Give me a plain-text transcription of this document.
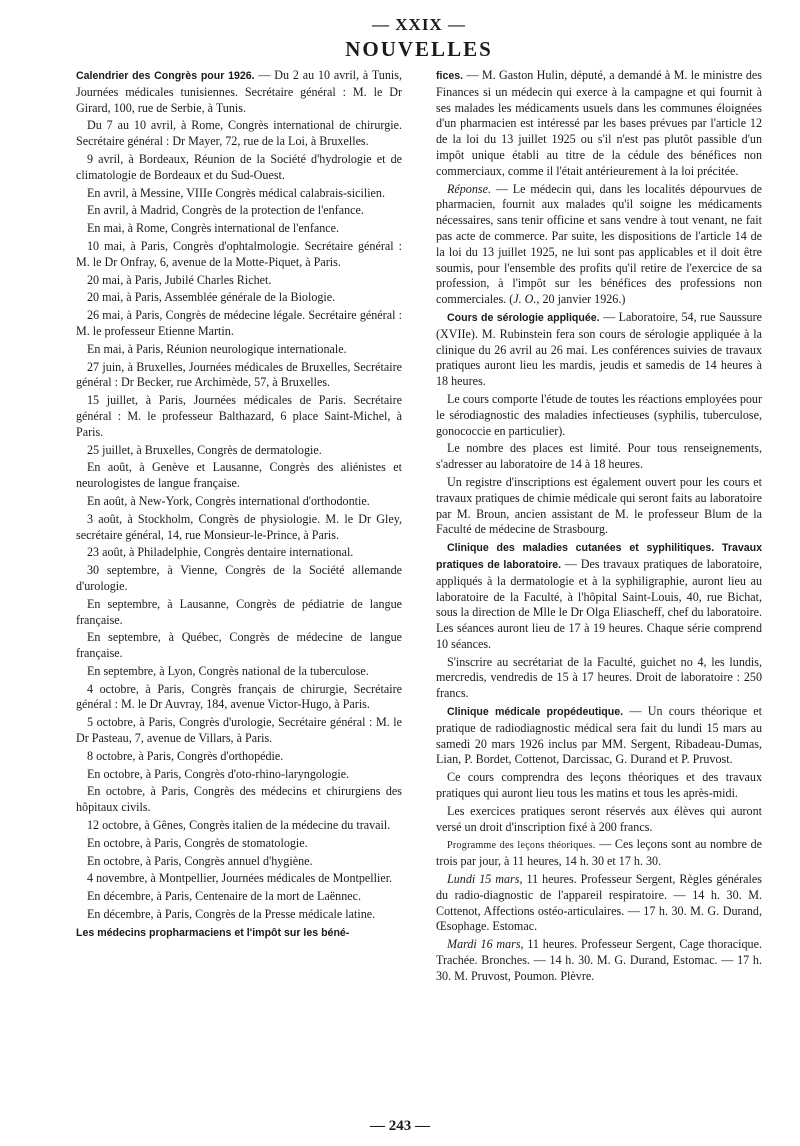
— XXIX —
NOUVELLES

Calendrier des Congrès pour 1926. — Du 2 au 10 avril, à Tunis, Journées médicales tunisiennes. Secrétaire général : M. le Dr Girard, 100, rue de Serbie, à Tunis.

Du 7 au 10 avril, à Rome, Congrès international de chirurgie. Secrétaire général : Dr Mayer, 72, rue de la Loi, à Bruxelles.

9 avril, à Bordeaux, Réunion de la Société d'hydrologie et de climatologie de Bordeaux et du Sud-Ouest.

En avril, à Messine, VIIIe Congrès médical calabrais-sicilien.

En avril, à Madrid, Congrès de la protection de l'enfance.

En mai, à Rome, Congrès international de l'enfance.

10 mai, à Paris, Congrès d'ophtalmologie. Secrétaire général : M. le Dr Onfray, 6, avenue de la Motte-Piquet, à Paris.

20 mai, à Paris, Jubilé Charles Richet.

20 mai, à Paris, Assemblée générale de la Biologie.

26 mai, à Paris, Congrès de médecine légale. Secrétaire général : M. le professeur Etienne Martin.

En mai, à Paris, Réunion neurologique internationale.

27 juin, à Bruxelles, Journées médicales de Bruxelles, Secrétaire général : Dr Becker, rue Archimède, 57, à Bruxelles.

15 juillet, à Paris, Journées médicales de Paris. Secrétaire général : M. le professeur Balthazard, 6 place Saint-Michel, à Paris.

25 juillet, à Bruxelles, Congrès de dermatologie.

En août, à Genève et Lausanne, Congrès des aliénistes et neurologistes de langue française.

En août, à New-York, Congrès international d'orthodontie.

3 août, à Stockholm, Congrès de physiologie. M. le Dr Gley, secrétaire général, 14, rue Monsieur-le-Prince, à Paris.

23 août, à Philadelphie, Congrès dentaire international.

30 septembre, à Vienne, Congrès de la Société allemande d'urologie.

En septembre, à Lausanne, Congrès de pédiatrie de langue française.

En septembre, à Québec, Congrès de médecine de langue française.

En septembre, à Lyon, Congrès national de la tuberculose.

4 octobre, à Paris, Congrès français de chirurgie, Secrétaire général : M. le Dr Auvray, 184, avenue Victor-Hugo, à Paris.

5 octobre, à Paris, Congrès d'urologie, Secrétaire général : M. le Dr Pasteau, 7, avenue de Villars, à Paris.

8 octobre, à Paris, Congrès d'orthopédie.

En octobre, à Paris, Congrès d'oto-rhino-laryngologie.

En octobre, à Paris, Congrès des médecins et chirurgiens des hôpitaux civils.

12 octobre, à Gênes, Congrès italien de la médecine du travail.

En octobre, à Paris, Congrès de stomatologie.

En octobre, à Paris, Congrès annuel d'hygiène.

4 novembre, à Montpellier, Journées médicales de Montpellier.

En décembre, à Paris, Centenaire de la mort de Laënnec.

En décembre, à Paris, Congrès de la Presse médicale latine.

Les médecins propharmaciens et l'impôt sur les béné-

fices. — M. Gaston Hulin, député, a demandé à M. le ministre des Finances si un médecin qui exerce à la campagne et qui fournit à ses malades les médicaments usuels dans les communes éloignées d'un pharmacien est intéressé par les bases prévues par l'article 12 de la loi du 13 juillet 1925 ou s'il n'est pas plutôt passible d'un impôt unique établi au titre de la cédule des bénéfices non commerciaux, comme il l'était antérieurement à la loi précitée.

Réponse. — Le médecin qui, dans les localités dépourvues de pharmacien, fournit aux malades qu'il soigne les médicaments nécessaires, sans tenir officine et sans vendre à tout venant, ne fait pas acte de commerce. Par suite, les dispositions de l'article 14 de la loi du 13 juillet 1925, ne lui sont pas applicables et il doit être soumis, pour l'ensemble des profits qu'il retire de l'exercice de sa profession, à l'impôt sur les bénéfices des professions non commerciales. (J. O., 20 janvier 1926.)

Cours de sérologie appliquée. — Laboratoire, 54, rue Saussure (XVIIe). M. Rubinstein fera son cours de sérologie appliquée à la clinique du 26 avril au 26 mai. Les conférences suivies de travaux pratiques auront lieu les mardis, jeudis et samedis de 14 heures à 18 heures.

Le cours comporte l'étude de toutes les réactions employées pour le sérodiagnostic des maladies infectieuses (syphilis, tuberculose, gonococcie en particulier).

Le nombre des places est limité. Pour tous renseignements, s'adresser au laboratoire de 14 à 18 heures.

Un registre d'inscriptions est également ouvert pour les cours et travaux pratiques de chimie médicale qui seront faits au laboratoire par M. Broun, ancien assistant de M. le professeur Blum de la Faculté de médecine de Strasbourg.

Clinique des maladies cutanées et syphilitiques. Travaux pratiques de laboratoire. — Des travaux pratiques de laboratoire, appliqués à la dermatologie et à la syphiligraphie, auront lieu au laboratoire de la Faculté, à l'hôpital Saint-Louis, 40, rue Bichat, sous la direction de Mlle le Dr Olga Eliascheff, chef du laboratoire. Les séances auront lieu de 17 à 19 heures. Chaque série comprend 10 séances.

S'inscrire au secrétariat de la Faculté, guichet no 4, les lundis, mercredis, vendredis de 15 à 17 heures. Droit de laboratoire : 250 francs.

Clinique médicale propédeutique. — Un cours théorique et pratique de radiodiagnostic médical sera fait du lundi 15 mars au samedi 20 mars 1926 inclus par MM. Sergent, Ribadeau-Dumas, Lian, P. Bordet, Cottenot, Darcissac, G. Durand et P. Pruvost.

Ce cours comprendra des leçons théoriques et des travaux pratiques qui auront lieu tous les matins et tous les après-midi.

Les exercices pratiques seront réservés aux élèves qui auront versé un droit d'inscription fixé à 200 francs.

Programme des leçons théoriques. — Ces leçons sont au nombre de trois par jour, à 11 heures, 14 h. 30 et 17 h. 30.

Lundi 15 mars, 11 heures. Professeur Sergent, Règles générales du radio-diagnostic de l'appareil respiratoire. — 14 h. 30. M. Cottenot, Affections ostéo-articulaires. — 17 h. 30. M. G. Durand, Œsophage. Estomac.

Mardi 16 mars, 11 heures. Professeur Sergent, Cage thoracique. Trachée. Bronches. — 14 h. 30. M. G. Durand, Estomac. — 17 h. 30. M. Pruvost, Poumon. Plèvre.

— 243 —
